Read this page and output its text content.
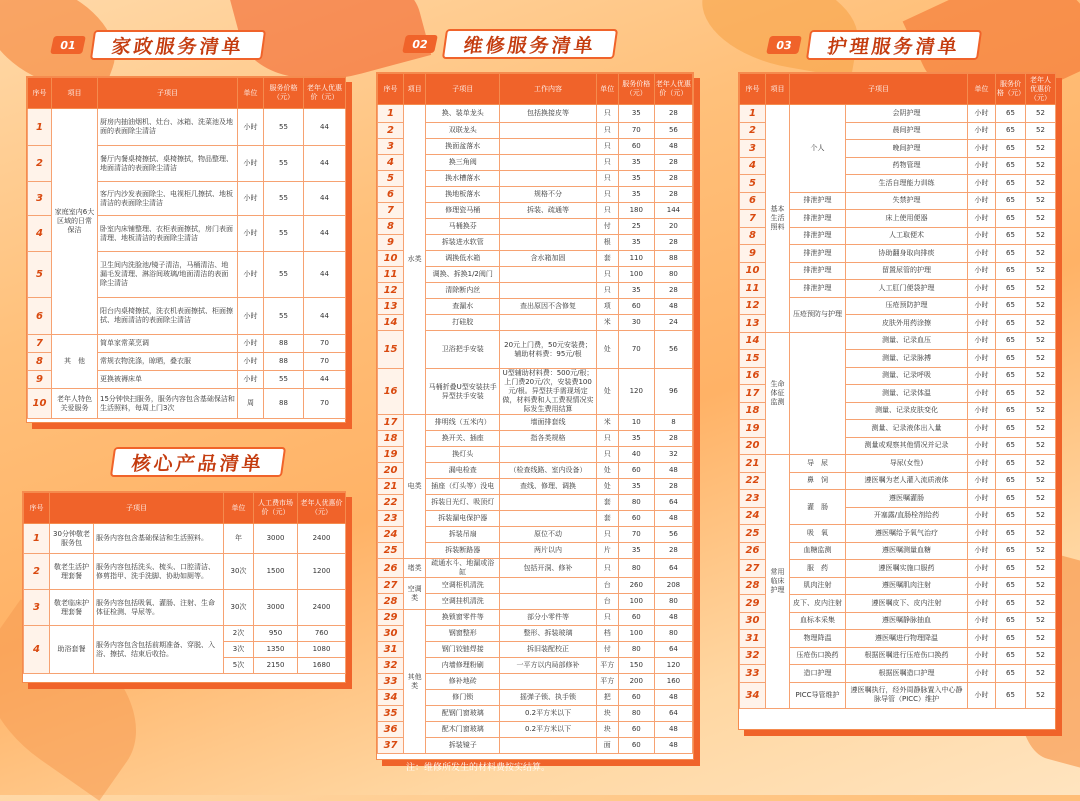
01	家政服务清单
序号	项目	子项目	单位	服务价格（元）	老年人优惠价（元）
1	家庭室内6大区域的日常保洁	厨房内抽油烟机、灶台、冰箱、洗菜池及地面的表面除尘清洁	小时	55	44
2		餐厅内餐桌椅擦拭、桌椅擦拭，物品整理、地面清洁的表面除尘清洁	小时	55	44
3		客厅内沙发表面除尘、电视柜几擦拭、地板清洁的表面除尘清洁	小时	55	44
4		卧室内床铺整理、衣柜表面擦拭，房门表面清理、地板清洁的表面除尘清洁	小时	55	44
5		卫生间内洗脸池/镜子清洁，马桶清洁、地漏毛发清理、淋浴间玻璃/地面清洁的表面除尘清洁	小时	55	44
6		阳台内桌椅擦拭，洗衣机表面擦拭、柜面擦拭、地面清洁的表面除尘清洁	小时	55	44
7	其　他	简单家常菜烹调	小时	88	70
8		常规衣物洗涤，晾晒，叠衣服	小时	88	70
9		更换被褥床单	小时	55	44
10	老年人特色关爱服务	15分钟快扫服务，服务内容包含基础保洁和生活照料，每周上门3次	周	88	70
核心产品清单
序号	子项目		单位	人工费市场价（元）	老年人优惠价（元）
1	30分钟敬老服务包	服务内容包含基础保洁和生活照料。	年	3000	2400
2	敬老生活护理套餐	服务内容包括洗头、梳头、口腔清洁、修剪指甲、洗手洗脚、协助如厕等。	30次	1500	1200
3	敬老临床护理套餐	服务内容包括吸氧、灌肠、注射、生命体征检测、导尿等。	30次	3000	2400
4	助浴套餐	服务内容包含包括前期准备、穿脱、入浴、擦拭、结束后收拾。	2次	950	760
			3次	1350	1080
			5次	2150	1680
02	维修服务清单
序号	项目	子项目	工作内容	单位	服务价格（元）	老年人优惠价（元）
1	水类	换、装单龙头	包括换接皮等	只	35	28
2		双联龙头		只	70	56
3		换面盆落水		只	60	48
4		换三角阀		只	35	28
5		换水槽落水		只	35	28
6		换地板落水	规格不分	只	35	28
7		修理瓷马桶	拆装、疏通等	只	180	144
8		马桶换芬		付	25	20
9		拆装进水软管		根	35	28
10		调换低水箱	含水箱加固	套	110	88
11		调换、拆换1/2阀门		只	100	80
12		清除断内丝		只	35	28
13		查漏水	查出原因不含修复	项	60	48
14		打硅胶		米	30	24
15		卫浴把手安装	20元上门费，50元安装费；辅助材料费：95元/根	处	70	56
16		马桶折叠U型安装扶手异型扶手安装	U型辅助材料费：500元/根；上门费20元/次，安装费100元/根。异型扶手需现场定做，材料费和人工费视情况实际发生费用结算	处	120	96
17	电类	排明线（五米内）	墙面排套线	米	10	8
18		换开关、插座	指各类规格	只	35	28
19		换灯头		只	40	32
20		漏电检查	（检查线路、室内设备）	处	60	48
21		插座（灯头等）没电	查线、修理、调换	处	35	28
22		拆装日光灯、吸顶灯		套	80	64
23		拆装漏电保护器		套	60	48
24		拆装吊扇	原位不动	只	70	56
25		拆装断路器	两片以内	片	35	28
26	堵类	疏通水斗、地漏或浴缸	包括开洞、修补	只	80	64
27	空调类	空调柜机清洗		台	260	208
28		空调挂机清洗		台	100	80
29	其他类	换锁窗零件等	部分小零件等	只	60	48
30		钢窗整形	整形、拆装玻璃	档	100	80
31		钢门铰链焊接	拆旧装配校正	付	80	64
32		内墙修理粉刷	一平方以内局部修补	平方	150	120
33		修补地砖		平方	200	160
34		修门锁	摇弹子锁、执手锁	把	60	48
35		配钢门窗玻璃	0.2平方米以下	块	80	64
36		配木门窗玻璃	0.2平方米以下	块	60	48
37		拆装镜子		面	60	48
注：维修所发生的材料费按实结算。
03	护理服务清单
序号	项目	子项目		单位	服务价格（元）	老年人优惠价（元）
1	基本生活照料	个人	会阴护理	小时	65	52
2			晨间护理	小时	65	52
3			晚间护理	小时	65	52
4			药物管理	小时	65	52
5			生活自理能力训练	小时	65	52
6		排泄护理	失禁护理	小时	65	52
7		排泄护理	床上使用便器	小时	65	52
8		排泄护理	人工取便术	小时	65	52
9		排泄护理	协助翻身取向排痰	小时	65	52
10		排泄护理	留置尿管的护理	小时	65	52
11		排泄护理	人工肛门便袋护理	小时	65	52
12		压疮预防与护理	压疮预防护理	小时	65	52
13			皮肤外用药涂擦	小时	65	52
14	生命体征监测		测量、记录血压	小时	65	52
15			测量、记录脉搏	小时	65	52
16			测量、记录呼吸	小时	65	52
17			测量、记录体温	小时	65	52
18			测量、记录皮肤变化	小时	65	52
19			测量、记录液体出入量	小时	65	52
20			测量或观察其他情况并记录	小时	65	52
21	常用临床护理	导　尿	导尿(女性)	小时	65	52
22		鼻　饲	遵医嘱为老人灌入流质液体	小时	65	52
23		灌　肠	遵医嘱灌肠	小时	65	52
24			开塞露/直肠栓剂给药	小时	65	52
25		吸　氧	遵医嘱给予氧气治疗	小时	65	52
26		血糖监测	遵医嘱测量血糖	小时	65	52
27		服　药	遵医嘱实施口服药	小时	65	52
28		肌肉注射	遵医嘱肌肉注射	小时	65	52
29		皮下、皮内注射	遵医嘱皮下、皮内注射	小时	65	52
30		血标本采集	遵医嘱静脉抽血	小时	65	52
31		物理降温	遵医嘱进行物理降温	小时	65	52
32		压疮伤口换药	根据医嘱进行压疮伤口换药	小时	65	52
33		造口护理	根据医嘱造口护理	小时	65	52
34		PICC导管维护	遵医嘱执行，经外周静脉置入中心静脉导管（PICC）维护	小时	65	52
